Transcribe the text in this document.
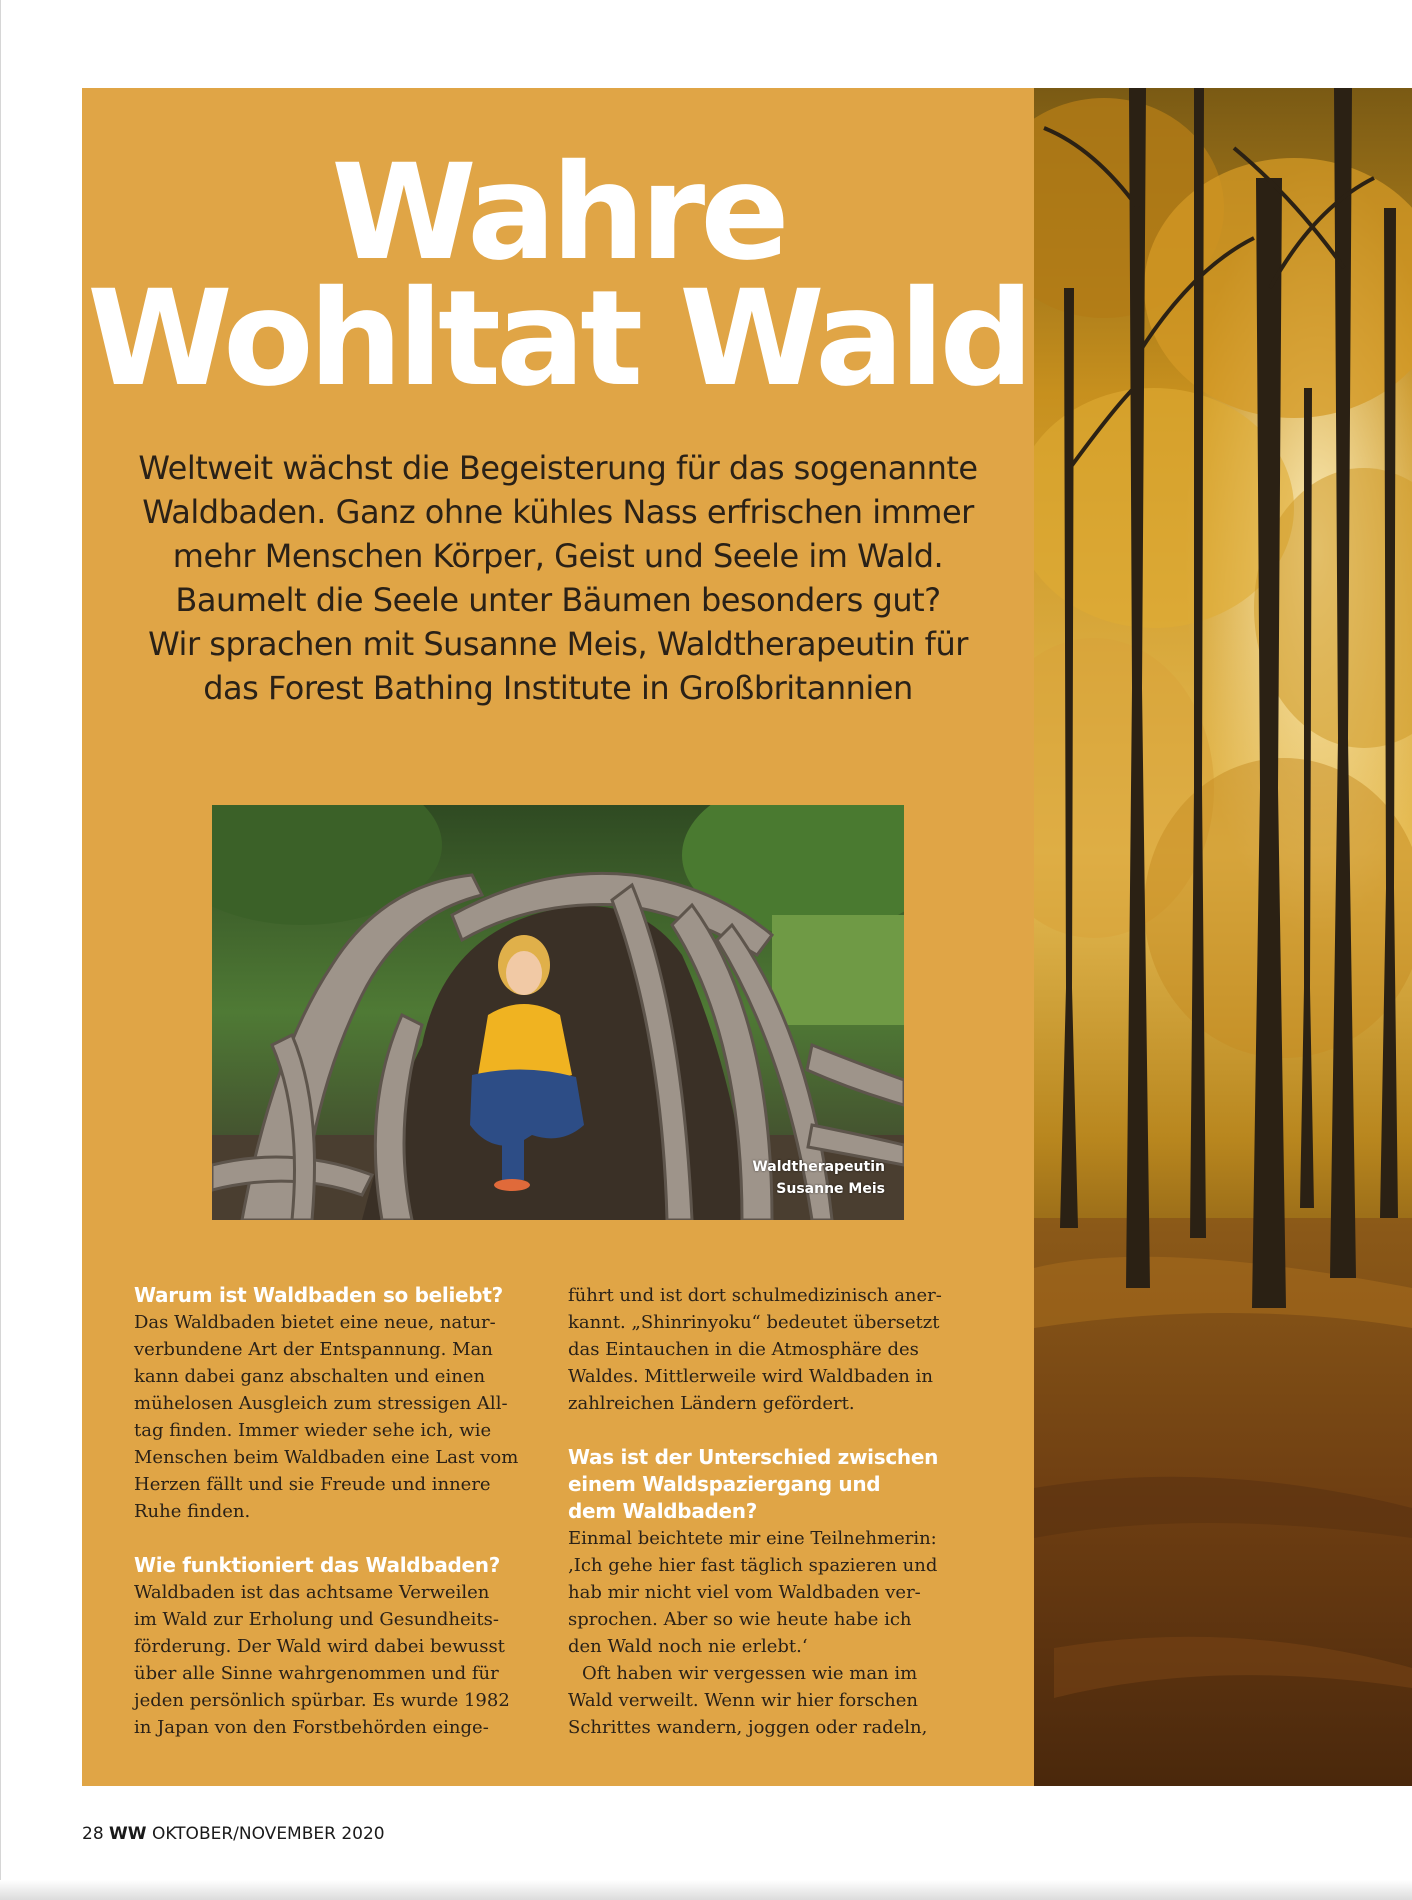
Wahre
Wohltat Wald

Weltweit wächst die Begeisterung für das sogenannte
Waldbaden. Ganz ohne kühles Nass erfrischen immer
mehr Menschen Körper, Geist und Seele im Wald.
Baumelt die Seele unter Bäumen besonders gut?
Wir sprachen mit Susanne Meis, Waldtherapeutin für
das Forest Bathing Institute in Großbritannien

Waldtherapeutin
Susanne Meis
Warum ist Waldbaden so beliebt?

Das Waldbaden bietet eine neue, natur-
verbundene Art der Entspannung. Man
kann dabei ganz abschalten und einen
mühelosen Ausgleich zum stressigen All-
tag finden. Immer wieder sehe ich, wie
Menschen beim Waldbaden eine Last vom
Herzen fällt und sie Freude und innere
Ruhe finden.

Wie funktioniert das Waldbaden?

Waldbaden ist das achtsame Verweilen
im Wald zur Erholung und Gesundheits-
förderung. Der Wald wird dabei bewusst
über alle Sinne wahrgenommen und für
jeden persönlich spürbar. Es wurde 1982
in Japan von den Forstbehörden einge-

führt und ist dort schulmedizinisch aner-
kannt. „Shinrinyoku“ bedeutet übersetzt
das Eintauchen in die Atmosphäre des
Waldes. Mittlerweile wird Waldbaden in
zahlreichen Ländern gefördert.

Was ist der Unterschied zwischen
einem Waldspaziergang und
dem Waldbaden?

Einmal beichtete mir eine Teilnehmerin:
‚Ich gehe hier fast täglich spazieren und
hab mir nicht viel vom Waldbaden ver-
sprochen. Aber so wie heute habe ich
den Wald noch nie erlebt.‘

Oft haben wir vergessen wie man im
Wald verweilt. Wenn wir hier forschen
Schrittes wandern, joggen oder radeln,

28 WW OKTOBER/NOVEMBER 2020
